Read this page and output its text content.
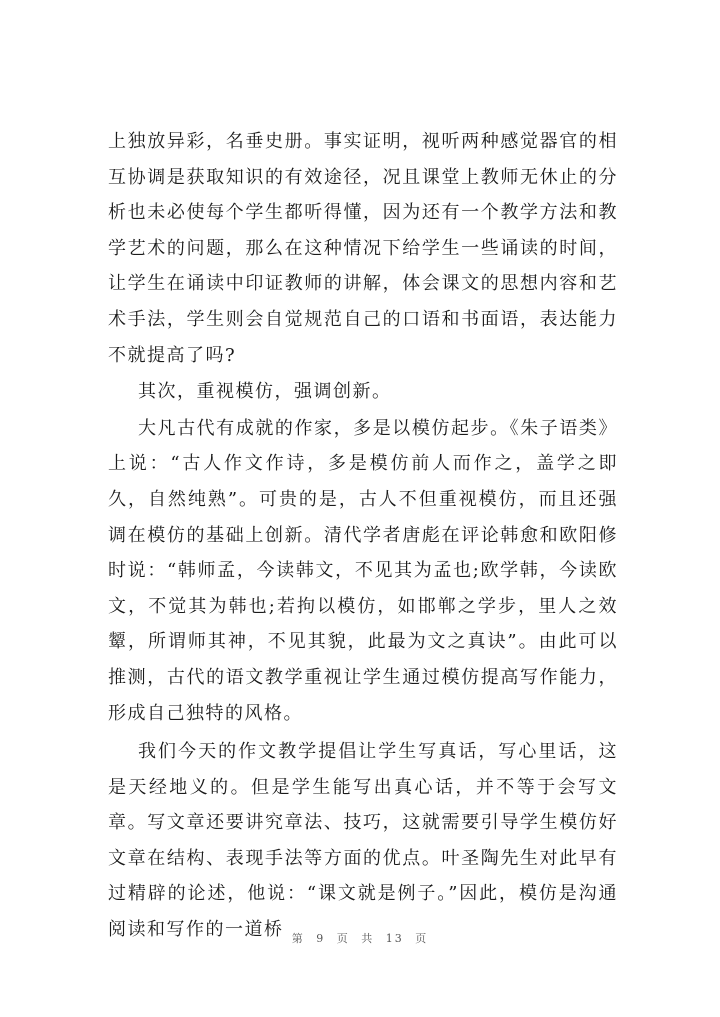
上独放异彩，名垂史册。事实证明，视听两种感觉器官的相互协调是获取知识的有效途径，况且课堂上教师无休止的分析也未必使每个学生都听得懂，因为还有一个教学方法和教学艺术的问题，那么在这种情况下给学生一些诵读的时间，让学生在诵读中印证教师的讲解，体会课文的思想内容和艺术手法，学生则会自觉规范自己的口语和书面语，表达能力不就提高了吗?

其次，重视模仿，强调创新。

大凡古代有成就的作家，多是以模仿起步。《朱子语类》上说：“古人作文作诗，多是模仿前人而作之，盖学之即久，自然纯熟”。可贵的是，古人不但重视模仿，而且还强调在模仿的基础上创新。清代学者唐彪在评论韩愈和欧阳修时说：“韩师孟，今读韩文，不见其为孟也;欧学韩，今读欧文，不觉其为韩也;若拘以模仿，如邯郸之学步，里人之效颦，所谓师其神，不见其貌，此最为文之真诀”。由此可以推测，古代的语文教学重视让学生通过模仿提高写作能力，形成自己独特的风格。

我们今天的作文教学提倡让学生写真话，写心里话，这是天经地义的。但是学生能写出真心话，并不等于会写文章。写文章还要讲究章法、技巧，这就需要引导学生模仿好文章在结构、表现手法等方面的优点。叶圣陶先生对此早有过精辟的论述，他说：“课文就是例子。”因此，模仿是沟通阅读和写作的一道桥 第 9 页 共 13 页
